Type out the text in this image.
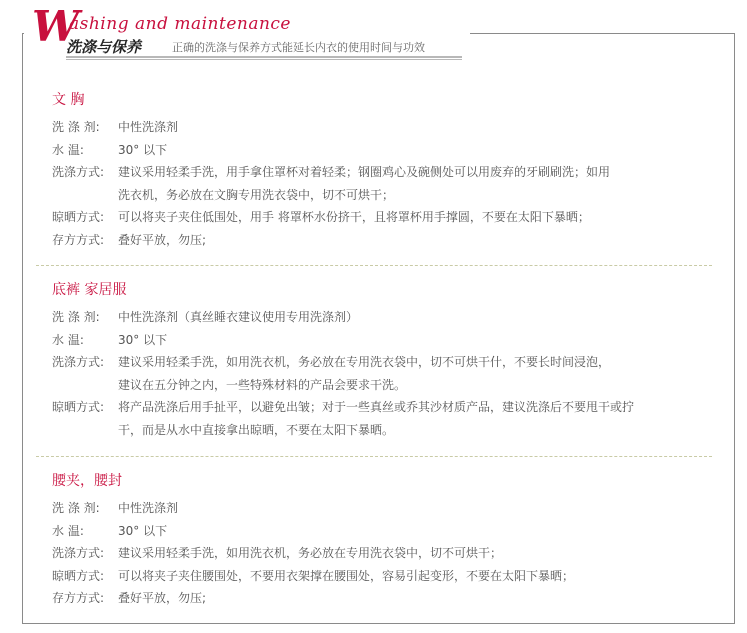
W
ashing and maintenance
洗涤与保养	正确的洗涤与保养方式能延长内衣的使用时间与功效
文 胸
洗 涤 剂:	中性洗涤剂
水 温:	30° 以下
洗涤方式:	建议采用轻柔手洗，用手拿住罩杯对着轻柔；钢圈鸡心及碗侧处可以用废弃的牙刷刷洗；如用
洗衣机，务必放在文胸专用洗衣袋中，切不可烘干；
晾晒方式:	可以将夹子夹住低围处，用手 将罩杯水份挤干，且将罩杯用手撑圆，不要在太阳下暴晒；
存方方式:	叠好平放，勿压;
底裤 家居服
洗 涤 剂:	中性洗涤剂（真丝睡衣建议使用专用洗涤剂）
水 温:	30° 以下
洗涤方式:	建议采用轻柔手洗，如用洗衣机，务必放在专用洗衣袋中，切不可烘干什，不要长时间浸泡，
建议在五分钟之内，一些特殊材料的产品会要求干洗。
晾晒方式:	将产品洗涤后用手扯平，以避免出皱；对于一些真丝或乔其沙材质产品，建议洗涤后不要甩干或拧
干，而是从水中直接拿出晾晒，不要在太阳下暴晒。
腰夹，腰封
洗 涤 剂:	中性洗涤剂
水 温:	30° 以下
洗涤方式:	建议采用轻柔手洗，如用洗衣机，务必放在专用洗衣袋中，切不可烘干；
晾晒方式:	可以将夹子夹住腰围处，不要用衣架撑在腰围处，容易引起变形，不要在太阳下暴晒；
存方方式:	叠好平放，勿压;
